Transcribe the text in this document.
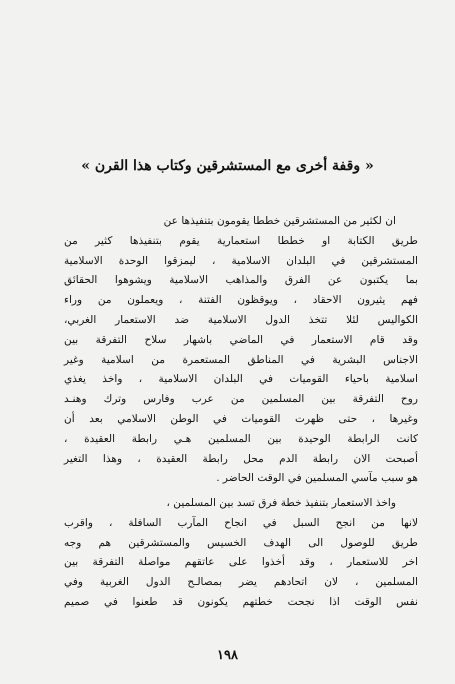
« وقفة أخرى مع المستشرقين وكتاب هذا القرن »
ان لكثير من المستشرقين خططا يقومون بتنفيذها عن
طريق الكتابة او خططا استعمارية يقوم بتنفيذها كثير من
المستشرقين في البلدان الاسلامية ، ليمزقوا الوحدة الاسلامية
بما يكتبون عن الفرق والمذاهب الاسلامية ويشوهوا الحقائق
فهم يثيرون الاحقاد ، ويوقظون الفتنة ، ويعملون من وراء
الكواليس لئلا تتخذ الدول الاسلامية ضد الاستعمار الغربي،
وقد قام الاستعمار في الماضي باشهار سلاح التفرقة بين
الاجناس البشرية في المناطق المستعمرة من اسلامية وغير
اسلامية باحياء القوميات في البلدان الاسلامية ، واخذ يغذي
روح التفرقة بين المسلمين من عرب وفارس وترك وهنـد
وغيرها ، حتى ظهرت القوميات في الوطن الاسلامي بعد أن
كانت الرابطة الوحيدة بين المسلمين هـي رابطة العقيدة ،
أصبحت الان رابطة الدم محل رابطة العقيدة ، وهذا التغير
هو سبب مآسي المسلمين في الوقت الحاضر .
واخذ الاستعمار بتنفيذ خطة فرق تسد بين المسلمين ،
لانها من انجح السبل في انجاح المآرب السافلة ، واقرب
طريق للوصول الى الهدف الخسيس والمستشرقين هم وجه
اخر للاستعمار ، وقد أخذوا على عاتقهم مواصلة التفرقة بين
المسلمين ، لان اتحادهم يضر بمصالـح الدول الغربية وفي
نفس الوقت اذا نجحت خطتهم يكونون قد طعنوا في صميم
١٩٨
